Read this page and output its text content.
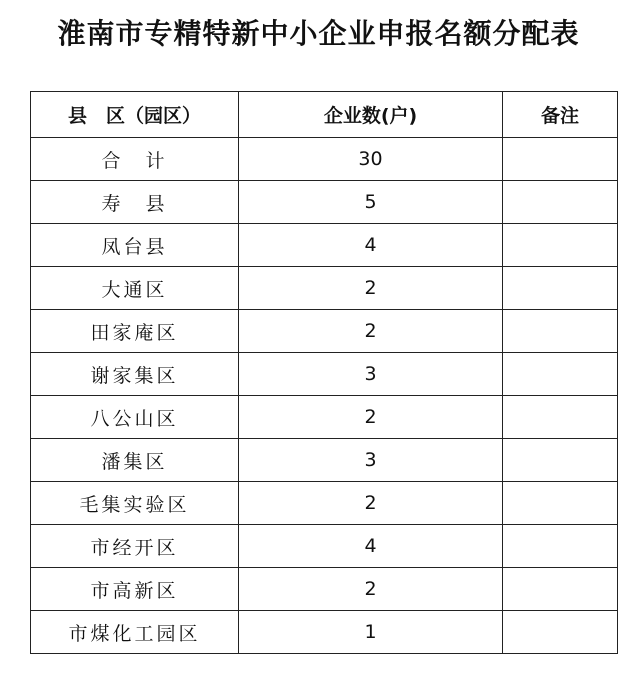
淮南市专精特新中小企业申报名额分配表
县　区（园区）	企业数(户)	备注
合　计	30	
寿　县	5	
凤台县	4	
大通区	2	
田家庵区	2	
谢家集区	3	
八公山区	2	
潘集区	3	
毛集实验区	2	
市经开区	4	
市高新区	2	
市煤化工园区	1	
